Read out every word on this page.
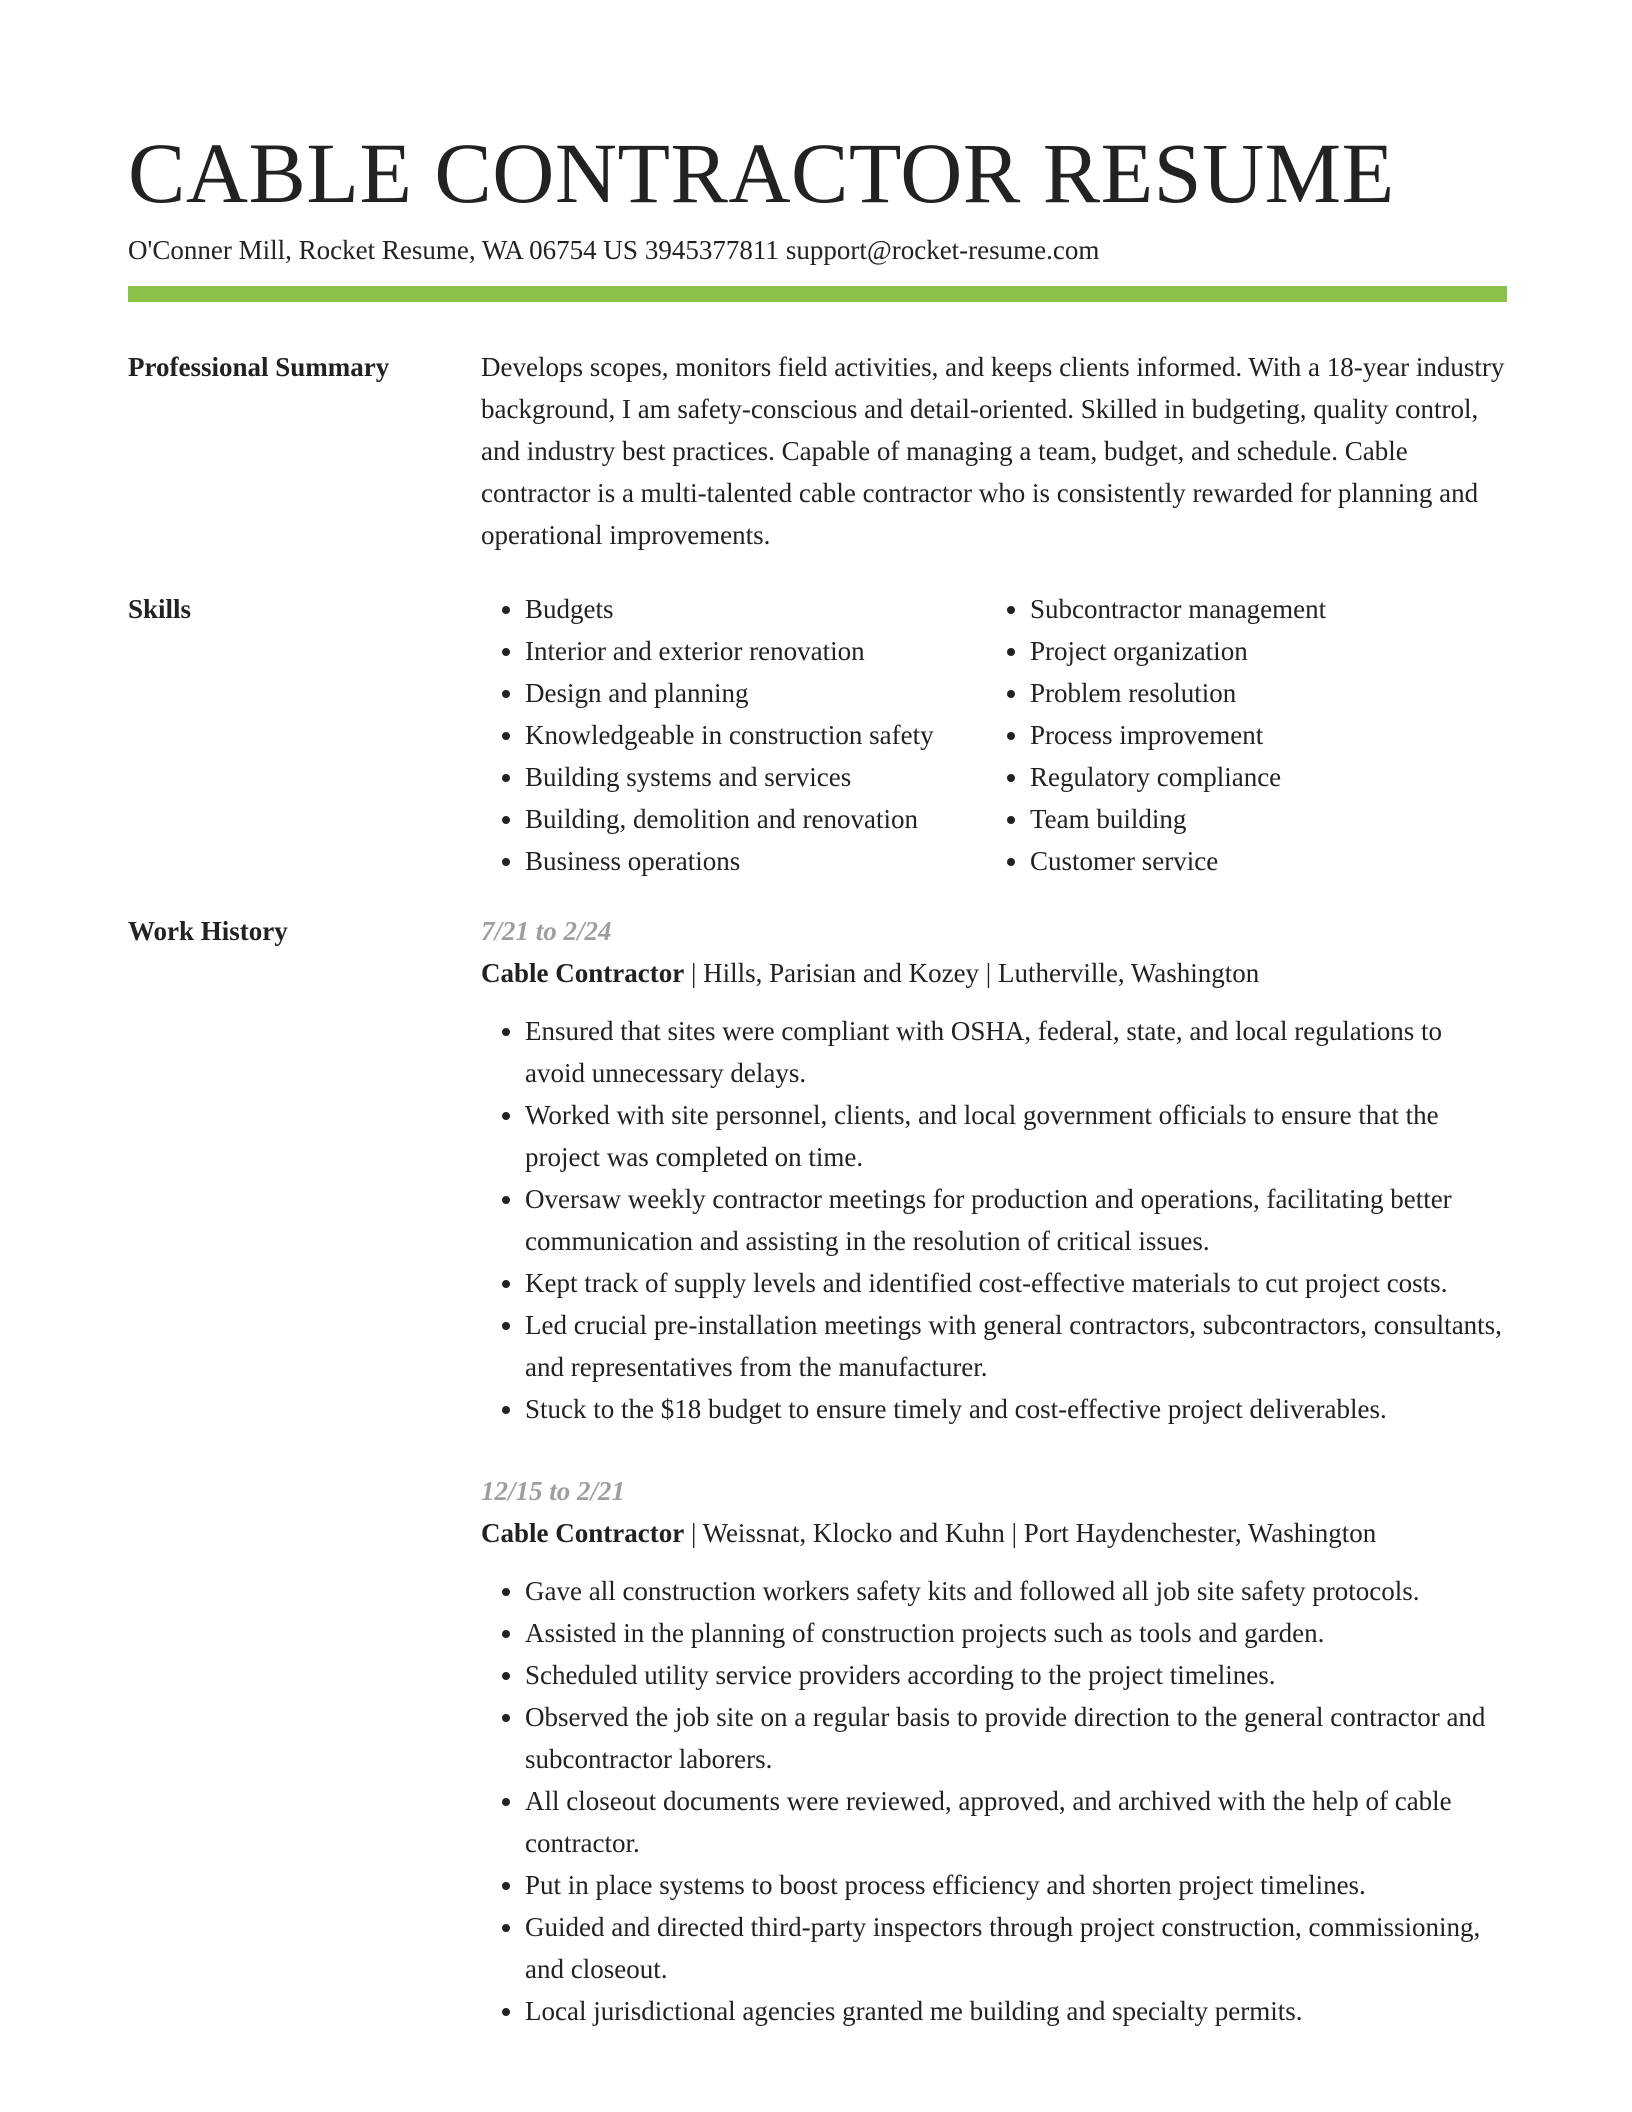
CABLE CONTRACTOR RESUME
O'Conner Mill, Rocket Resume, WA 06754 US 3945377811 support@rocket-resume.com
Professional Summary	Develops scopes, monitors field activities, and keeps clients informed. With a 18-year industry background, I am safety-conscious and detail-oriented. Skilled in budgeting, quality control, and industry best practices. Capable of managing a team, budget, and schedule. Cable contractor is a multi-talented cable contractor who is consistently rewarded for planning and operational improvements.

Skills
•	Budgets
• Interior and exterior renovation
• Design and planning
• Knowledgeable in construction safety
• Building systems and services
• Building, demolition and renovation
• Business operations
• Subcontractor management
• Project organization
• Problem resolution
• Process improvement
• Regulatory compliance
• Team building
• Customer service
Work History	7/21 to 2/24
Cable Contractor | Hills, Parisian and Kozey | Lutherville, Washington
• Ensured that sites were compliant with OSHA, federal, state, and local regulations to avoid unnecessary delays.
• Worked with site personnel, clients, and local government officials to ensure that the project was completed on time.
• Oversaw weekly contractor meetings for production and operations, facilitating better communication and assisting in the resolution of critical issues.
• Kept track of supply levels and identified cost-effective materials to cut project costs.
• Led crucial pre-installation meetings with general contractors, subcontractors, consultants, and representatives from the manufacturer.
• Stuck to the $18 budget to ensure timely and cost-effective project deliverables.
12/15 to 2/21
Cable Contractor | Weissnat, Klocko and Kuhn | Port Haydenchester, Washington
• Gave all construction workers safety kits and followed all job site safety protocols.
• Assisted in the planning of construction projects such as tools and garden.
• Scheduled utility service providers according to the project timelines.
• Observed the job site on a regular basis to provide direction to the general contractor and subcontractor laborers.
• All closeout documents were reviewed, approved, and archived with the help of cable contractor.
• Put in place systems to boost process efficiency and shorten project timelines.
• Guided and directed third-party inspectors through project construction, commissioning, and closeout.
• Local jurisdictional agencies granted me building and specialty permits.
